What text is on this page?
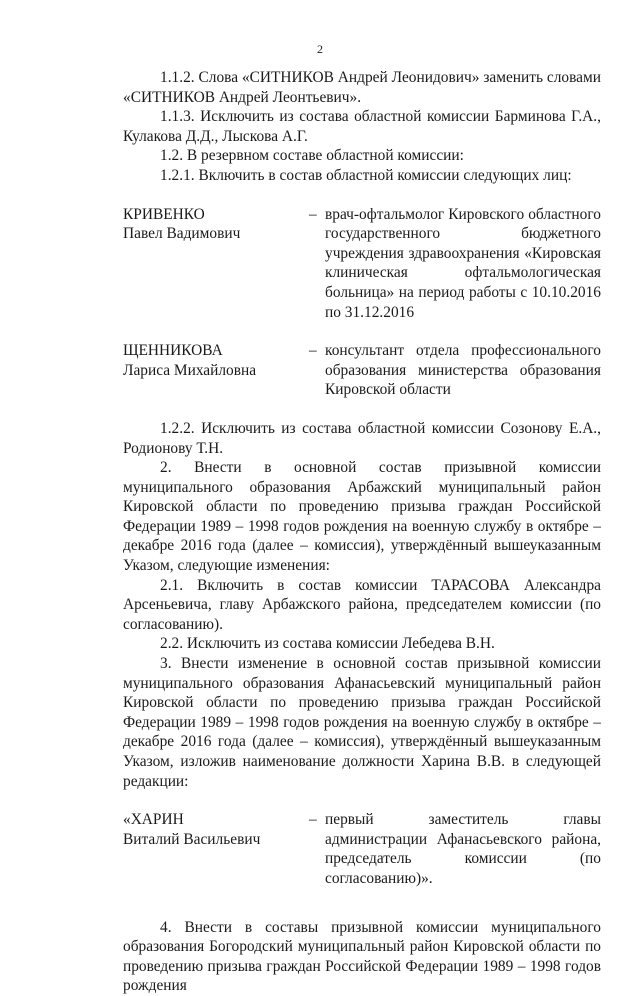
2

1.1.2. Слова «СИТНИКОВ Андрей Леонидович» заменить словами «СИТНИКОВ Андрей Леонтьевич».

1.1.3. Исключить из состава областной комиссии Барминова Г.А., Кулакова Д.Д., Лыскова А.Г.

1.2. В резервном составе областной комиссии:

1.2.1. Включить в состав областной комиссии следующих лиц:

КРИВЕНКО
Павел Вадимович
– врач-офтальмолог Кировского областного государственного бюджетного учреждения здравоохранения «Кировская клиническая офтальмологическая больница» на период работы с 10.10.2016 по 31.12.2016
ЩЕННИКОВА
Лариса Михайловна
– консультант отдела профессионального образования министерства образования Кировской области

1.2.2. Исключить из состава областной комиссии Созонову Е.А., Родионову Т.Н.

2. Внести в основной состав призывной комиссии муниципального образования Арбажский муниципальный район Кировской области по проведению призыва граждан Российской Федерации 1989 – 1998 годов рождения на военную службу в октябре – декабре 2016 года (далее – комиссия), утверждённый вышеуказанным Указом, следующие изменения:

2.1. Включить в состав комиссии ТАРАСОВА Александра Арсеньевича, главу Арбажского района, председателем комиссии (по согласованию).

2.2. Исключить из состава комиссии Лебедева В.Н.

3. Внести изменение в основной состав призывной комиссии муниципального образования Афанасьевский муниципальный район Кировской области по проведению призыва граждан Российской Федерации 1989 – 1998 годов рождения на военную службу в октябре – декабре 2016 года (далее – комиссия), утверждённый вышеуказанным Указом, изложив наименование должности Харина В.В. в следующей редакции:

«ХАРИН
Виталий Васильевич
– первый заместитель главы администрации Афанасьевского района, председатель комиссии (по согласованию)».

4. Внести в составы призывной комиссии муниципального образования Богородский муниципальный район Кировской области по проведению призыва граждан Российской Федерации 1989 – 1998 годов рождения
